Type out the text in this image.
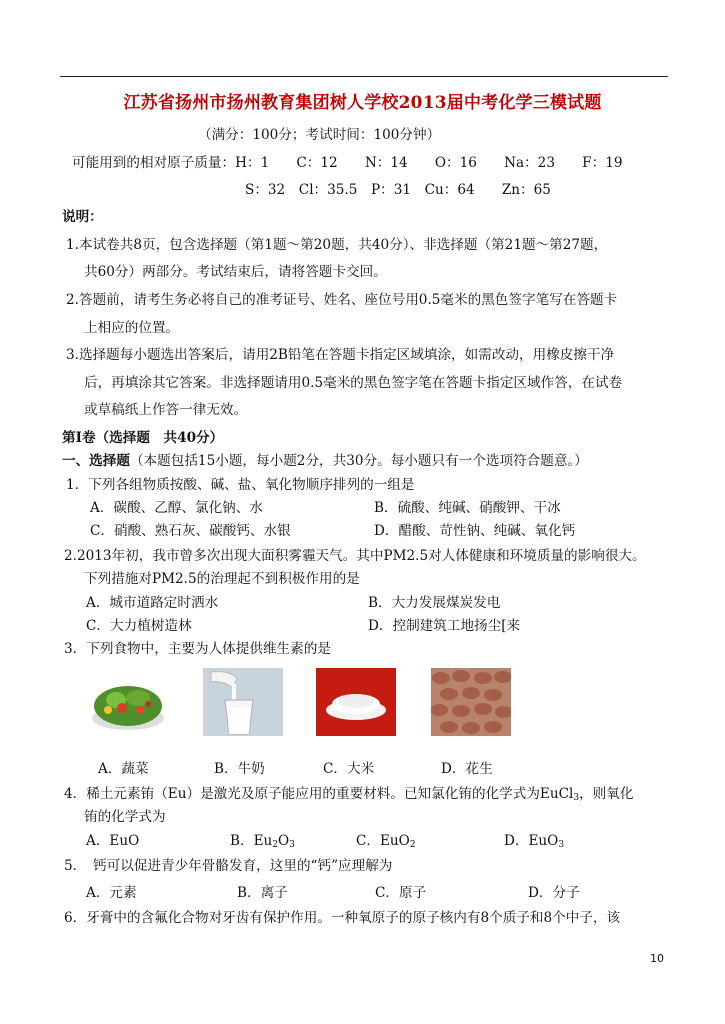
江苏省扬州市扬州教育集团树人学校2013届中考化学三模试题
（满分：100分；考试时间：100分钟）
可能用到的相对原子质量：H：1　　C：12　　N：14　　O：16　　Na：23　　F：19
S：32　Cl：35.5　P：31　Cu：64　　Zn：65
说明：
1.本试卷共8页，包含选择题（第1题～第20题，共40分）、非选择题（第21题～第27题，
共60分）两部分。考试结束后，请将答题卡交回。
2.答题前，请考生务必将自己的准考证号、姓名、座位号用0.5毫米的黑色签字笔写在答题卡
上相应的位置。
3.选择题每小题选出答案后，请用2B铅笔在答题卡指定区域填涂，如需改动，用橡皮擦干净
后，再填涂其它答案。非选择题请用0.5毫米的黑色签字笔在答题卡指定区域作答，在试卷
或草稿纸上作答一律无效。
第Ⅰ卷（选择题　共40分）
一、选择题（本题包括15小题，每小题2分，共30分。每小题只有一个选项符合题意。）
1．下列各组物质按酸、碱、盐、氧化物顺序排列的一组是
A．碳酸、乙醇、氯化钠、水	B．硫酸、纯碱、硝酸钾、干冰
C．硝酸、熟石灰、碳酸钙、水银	D．醋酸、苛性钠、纯碱、氧化钙
2.2013年初，我市曾多次出现大面积雾霾天气。其中PM2.5对人体健康和环境质量的影响很大。
下列措施对PM2.5的治理起不到积极作用的是
A．城市道路定时洒水	B．大力发展煤炭发电
C．大力植树造林	D．控制建筑工地扬尘[来
3．下列食物中，主要为人体提供维生素的是
A．蔬菜	B．牛奶	C．大米	D．花生
4．稀土元素铕（Eu）是激光及原子能应用的重要材料。已知氯化铕的化学式为EuCl$_3$，则氧化
铕的化学式为
A．EuO	B．$Eu_2O_3$	C．EuO$_2$	D．EuO$_3$
5．　钙可以促进青少年骨骼发育，这里的“钙”应理解为
A．元素	B．离子	C．原子	D．分子
6．牙膏中的含氟化合物对牙齿有保护作用。一种氧原子的原子核内有8个质子和8个中子，该
10
